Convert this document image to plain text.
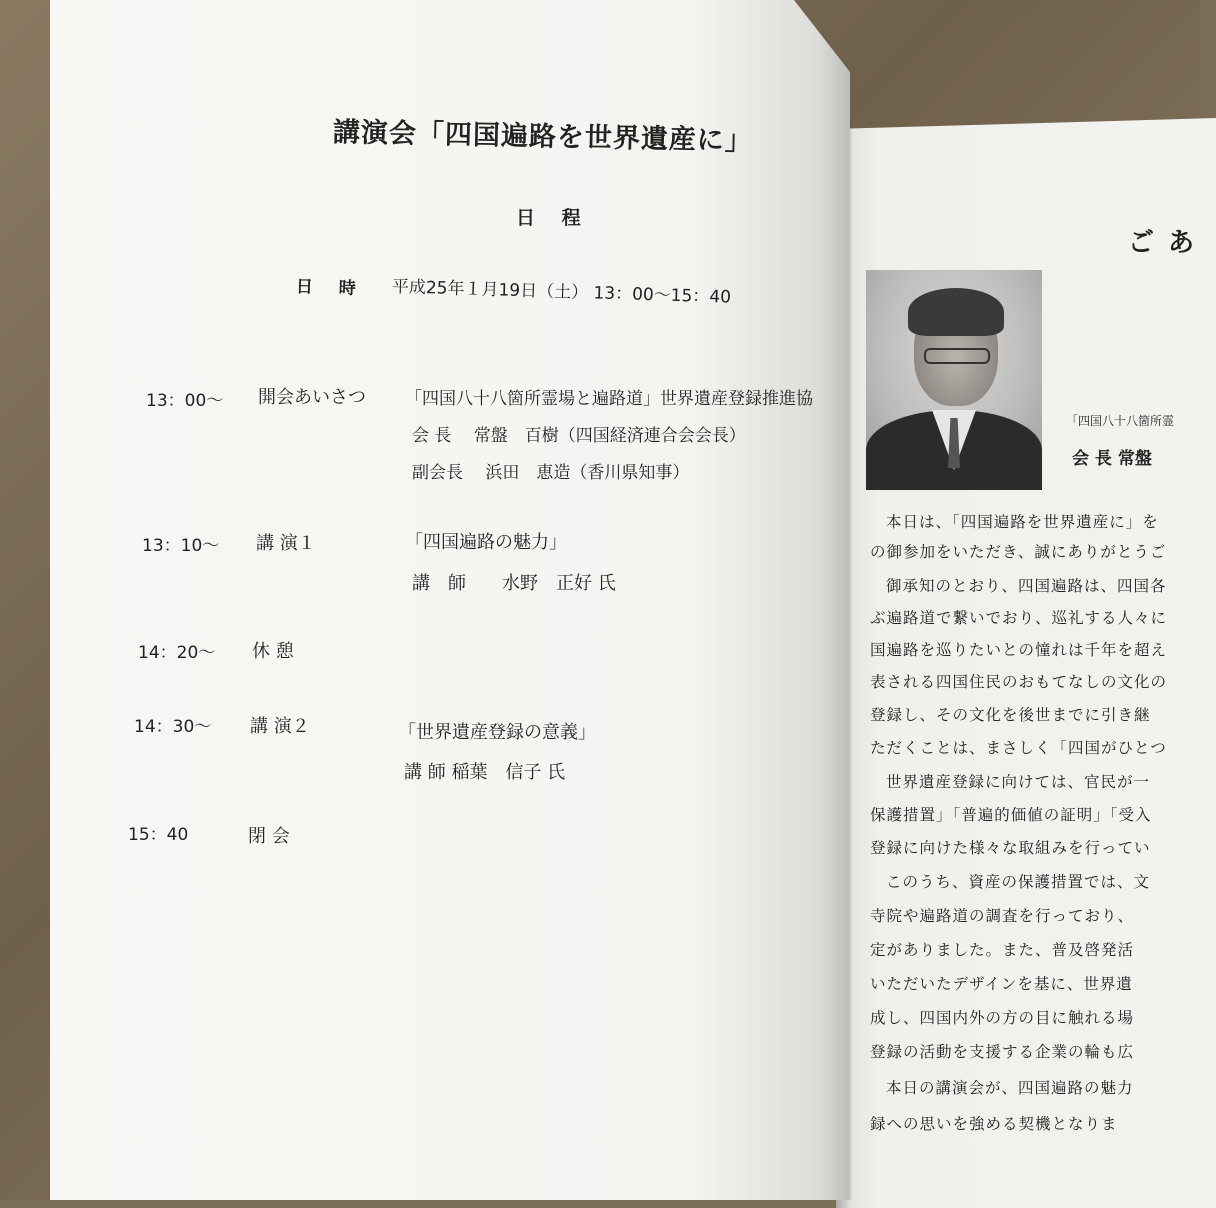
講演会「四国遍路を世界遺産に」
日 程
日 時 平成25年１月19日（土） 13：00～15：40
13：00～ 開会あいさつ 「四国八十八箇所霊場と遍路道」世界遺産登録推進協
会 長　 常盤　百樹（四国経済連合会会長）
副会長　 浜田　恵造（香川県知事）
13：10～ 講 演１	「四国遍路の魅力」
講　師　　水野　正好 氏
14：20～ 休 憩
14：30～ 講 演２	「世界遺産登録の意義」
講 師 稲葉　信子 氏
15：40	閉 会
ごあ
「四国八十八箇所霊
会 長 常盤
本日は、「四国遍路を世界遺産に」を
の御参加をいただき、誠にありがとうご
御承知のとおり、四国遍路は、四国各
ぶ遍路道で繋いでおり、巡礼する人々に
国遍路を巡りたいとの憧れは千年を超え
表される四国住民のおもてなしの文化の
登録し、その文化を後世までに引き継
ただくことは、まさしく「四国がひとつ
世界遺産登録に向けては、官民が一
保護措置」「普遍的価値の証明」「受入
登録に向けた様々な取組みを行ってい
このうち、資産の保護措置では、文
寺院や遍路道の調査を行っており、
定がありました。また、普及啓発活
いただいたデザインを基に、世界遺
成し、四国内外の方の目に触れる場
登録の活動を支援する企業の輪も広
本日の講演会が、四国遍路の魅力
録への思いを強める契機となりま
